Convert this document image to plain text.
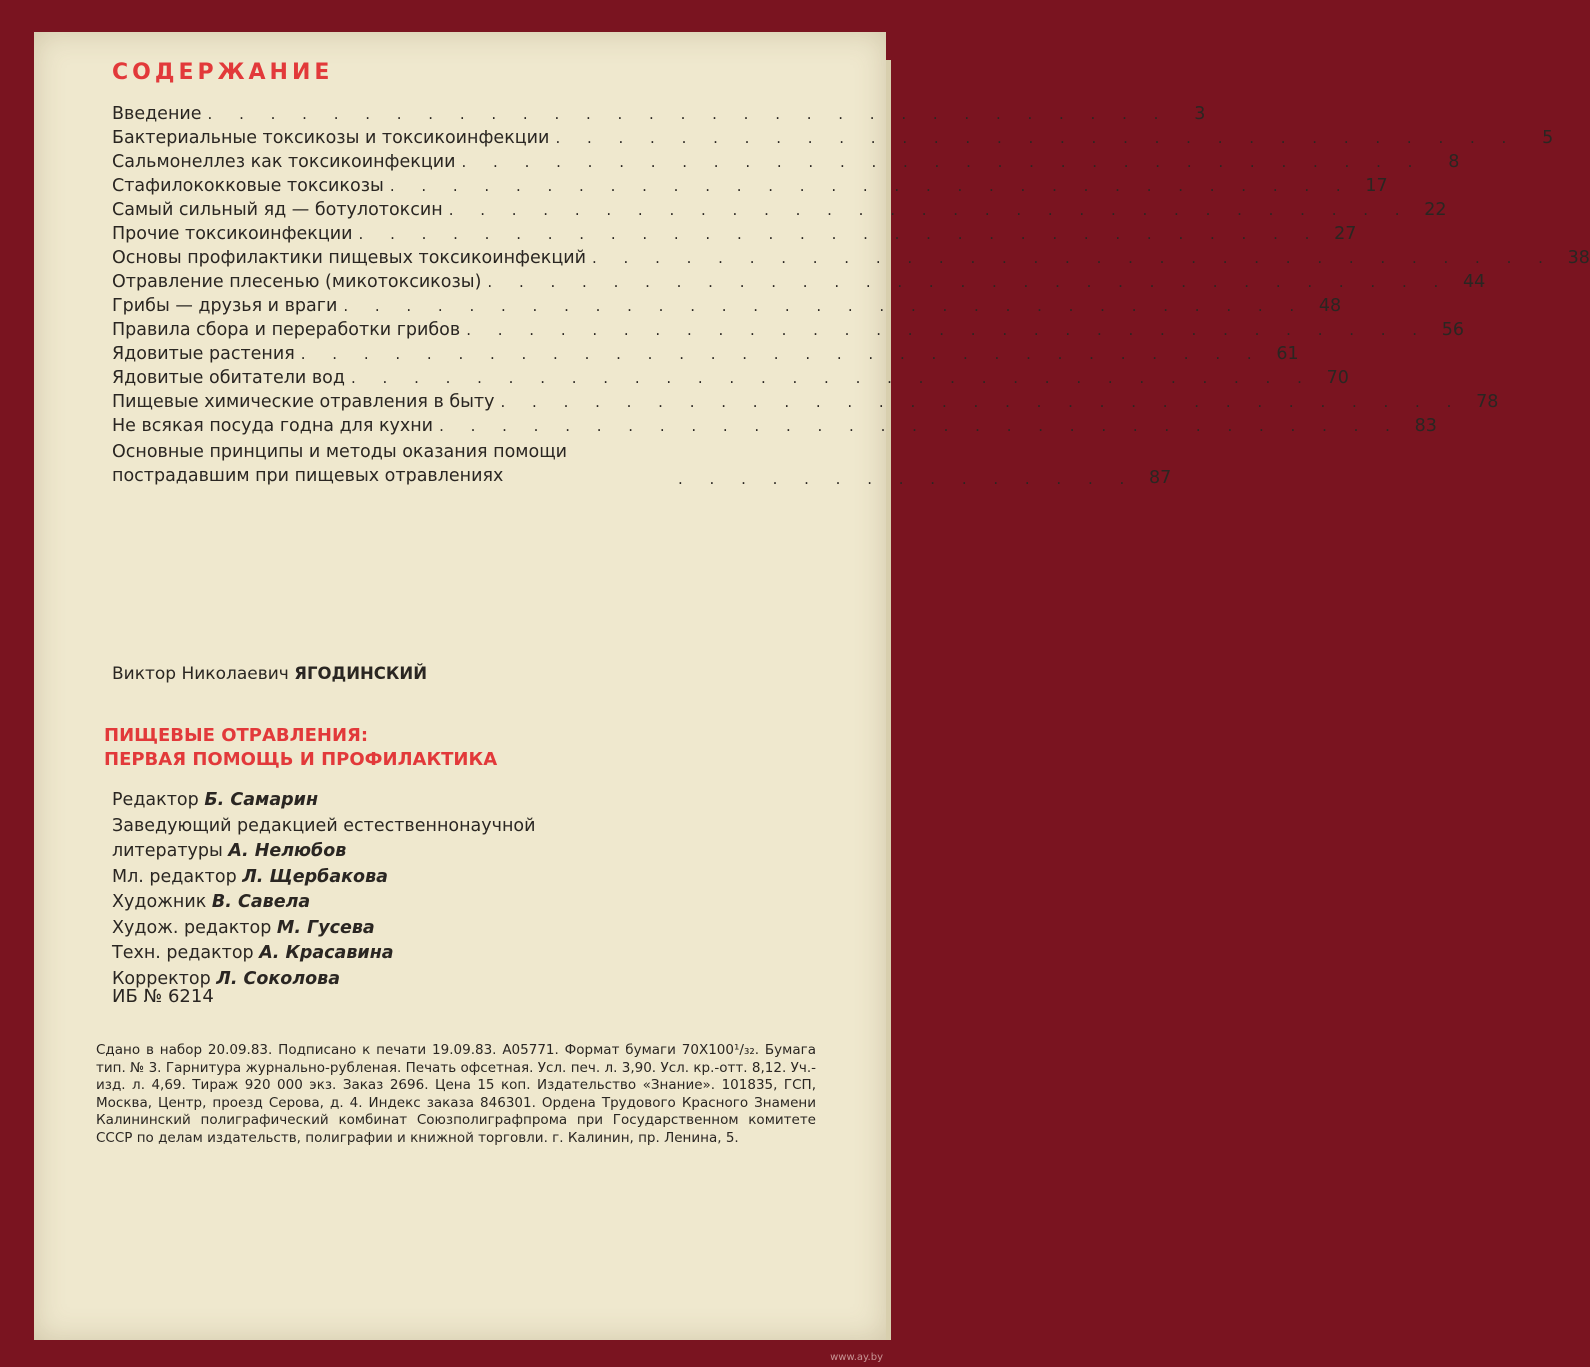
СОДЕРЖАНИЕ
Введение . . . . . . . . . . . . . . . . . . . . . . . . . . . . . . .	3
Бактериальные токсикозы и токсикоинфекции . . . . . . . . . . . . . . . . . . . . . . . . . . . . . . .	5
Сальмонеллез как токсикоинфекции . . . . . . . . . . . . . . . . . . . . . . . . . . . . . . .	8
Стафилококковые токсикозы . . . . . . . . . . . . . . . . . . . . . . . . . . . . . . . 17
Самый сильный яд — ботулотоксин . . . . . . . . . . . . . . . . . . . . . . . . . . . . . . . 22
Прочие токсикоинфекции . . . . . . . . . . . . . . . . . . . . . . . . . . . . . . . 27
Основы профилактики пищевых токсикоинфекций . . . . . . . . . . . . . . . . . . . . . . . . . . . . . . . 38
Отравление плесенью (микотоксикозы) . . . . . . . . . . . . . . . . . . . . . . . . . . . . . . . 44
Грибы — друзья и враги . . . . . . . . . . . . . . . . . . . . . . . . . . . . . . . 48
Правила сбора и переработки грибов . . . . . . . . . . . . . . . . . . . . . . . . . . . . . . . 56
Ядовитые растения . . . . . . . . . . . . . . . . . . . . . . . . . . . . . . . 61
Ядовитые обитатели вод . . . . . . . . . . . . . . . . . . . . . . . . . . . . . . . 70
Пищевые химические отравления в быту . . . . . . . . . . . . . . . . . . . . . . . . . . . . . . . 78
Не всякая посуда годна для кухни . . . . . . . . . . . . . . . . . . . . . . . . . . . . . . . 83
Основные принципы и методы оказания помощи пострадавшим при пищевых отравлениях	. . . . . . . . . . . . . . . 87
Виктор Николаевич ЯГОДИНСКИЙ
ПИЩЕВЫЕ ОТРАВЛЕНИЯ:
ПЕРВАЯ ПОМОЩЬ И ПРОФИЛАКТИКА
Редактор Б. Самарин
Заведующий редакцией естественнонаучной
литературы А. Нелюбов
Мл. редактор Л. Щербакова
Художник В. Савела
Худож. редактор М. Гусева
Техн. редактор А. Красавина
Корректор Л. Соколова
ИБ № 6214

Сдано в набор 20.09.83. Подписано к печати 19.09.83. А05771. Формат бумаги 70Х100¹/₃₂. Бумага тип. № 3. Гарнитура журнально-рубленая. Печать офсетная. Усл. печ. л. 3,90. Усл. кр.-отт. 8,12. Уч.-изд. л. 4,69. Тираж 920 000 экз. Заказ 2696. Цена 15 коп. Издательство «Знание». 101835, ГСП, Москва, Центр, проезд Серова, д. 4. Индекс заказа 846301. Ордена Трудового Красного Знамени Калининский полиграфический комбинат Союзполиграфпрома при Государственном комитете СССР по делам издательств, полиграфии и книжной торговли. г. Калинин, пр. Ленина, 5.

www.ay.by
